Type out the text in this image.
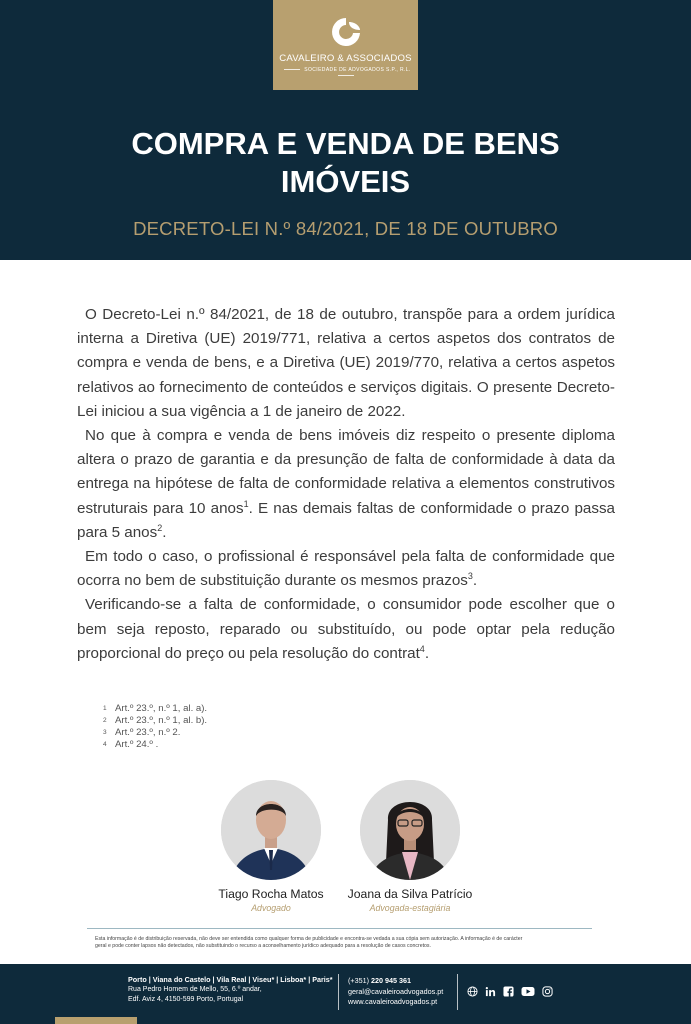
CAVALEIRO & ASSOCIADOS
SOCIEDADE DE ADVOGADOS S.P., R.L.
COMPRA E VENDA DE BENS
IMÓVEIS
DECRETO-LEI N.º 84/2021, DE 18 DE OUTUBRO

O Decreto-Lei n.º 84/2021, de 18 de outubro, transpõe para a ordem jurídica interna a Diretiva (UE) 2019/771, relativa a certos aspetos dos contratos de compra e venda de bens, e a Diretiva (UE) 2019/770, relativa a certos aspetos relativos ao fornecimento de conteúdos e serviços digitais. O presente Decreto-Lei iniciou a sua vigência a 1 de janeiro de 2022.

No que à compra e venda de bens imóveis diz respeito o presente diploma altera o prazo de garantia e da presunção de falta de conformidade à data da entrega na hipótese de falta de conformidade relativa a elementos construtivos estruturais para 10 anos$^1$. E nas demais faltas de conformidade o prazo passa para 5 anos$^2$.

Em todo o caso, o profissional é responsável pela falta de conformidade que ocorra no bem de substituição durante os mesmos prazos$^3$.

Verificando-se a falta de conformidade, o consumidor pode escolher que o bem seja reposto, reparado ou substituído, ou pode optar pela redução proporcional do preço ou pela resolução do contrat$^4$.

1 Art.º 23.º, n.º 1, al. a).
2 Art.º 23.º, n.º 1, al. b).
3 Art.º 23.º, n.º 2.
4 Art.º 24.º .
Tiago Rocha Matos
Advogado
Joana da Silva Patrício
Advogada-estagiária
Esta informação é de distribuição reservada, não deve ser entendida como qualquer forma de publicidade e encontra-se vedada a sua cópia sem autorização. A informação é de carácter
geral e pode conter lapsos não detectados, não substituindo o recurso a aconselhamento jurídico adequado para a resolução de casos concretos.
Porto | Viana do Castelo | Vila Real | Viseu* | Lisboa* | Paris*
Rua Pedro Homem de Mello, 55, 6.º andar,
Edf. Aviz 4, 4150-599 Porto, Portugal
(+351) 220 945 361
geral@cavaleiroadvogados.pt
www.cavaleiroadvogados.pt
